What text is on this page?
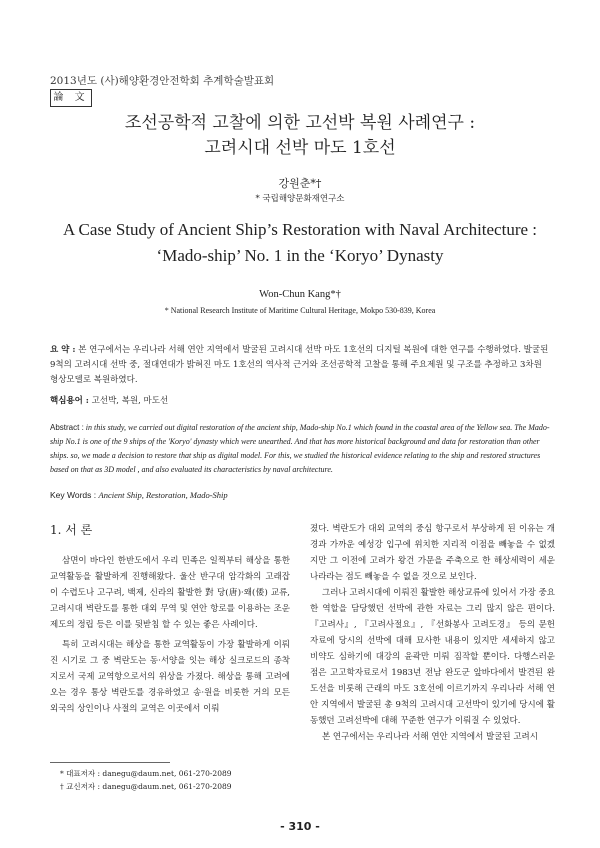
2013년도 (사)해양환경안전학회 추계학술발표회
論 文
조선공학적 고찰에 의한 고선박 복원 사례연구 :
고려시대 선박 마도 1호선
강원춘*†
* 국립해양문화재연구소
A Case Study of Ancient Ship’s Restoration with Naval Architecture :
‘Mado-ship’ No. 1 in the ‘Koryo’ Dynasty
Won-Chun Kang*†
* National Research Institute of Maritime Cultural Heritage, Mokpo 530-839, Korea
요 약 : 본 연구에서는 우리나라 서해 연안 지역에서 발굴된 고려시대 선박 마도 1호선의 디지털 복원에 대한 연구를 수행하였다. 발굴된 9척의 고려시대 선박 중, 절대연대가 밝혀진 마도 1호선의 역사적 근거와 조선공학적 고찰을 통해 주요제원 및 구조를 추정하고 3차원 형상모델로 복원하였다.
핵심용어 : 고선박, 복원, 마도선
Abstract : in this study, we carried out digital restoration of the ancient ship, Mado-ship No.1 which found in the coastal area of the Yellow sea. The Mado-ship No.1 is one of the 9 ships of the 'Koryo' dynasty which were unearthed. And that has more historical background and data for restoration than other ships. so, we made a decision to restore that ship as digital model. For this, we studied the historical evidence relating to the ship and restored structures based on that as 3D model , and also evaluated its characteristics by naval architecture.
Key Words : Ancient Ship, Restoration, Mado-Ship
1. 서 론

삼면이 바다인 한반도에서 우리 민족은 일찍부터 해상을 통한 교역활동을 활발하게 진행해왔다. 울산 반구대 암각화의 고래잡이 수렵도나 고구려, 백제, 신라의 활발한 對 당(唐)·왜(倭) 교류, 고려시대 벽란도를 통한 대외 무역 및 연안 항로를 이용하는 조운 제도의 정립 등은 이를 뒷받침 할 수 있는 좋은 사례이다.

특히 고려시대는 해상을 통한 교역활동이 가장 활발하게 이뤄진 시기로 그 중 벽란도는 동·서양을 잇는 해상 실크로드의 종착지로서 국제 교역항으로서의 위상을 가졌다. 해상을 통해 고려에 오는 경우 통상 벽란도를 경유하였고 송·원을 비롯한 거의 모든 외국의 상인이나 사절의 교역은 이곳에서 이뤄

졌다. 벽란도가 대외 교역의 중심 항구로서 부상하게 된 이유는 개경과 가까운 예성강 입구에 위치한 지리적 이점을 빼놓을 수 없겠지만 그 이전에 고려가 왕건 가문을 주축으로 한 해상세력이 세운 나라라는 점도 빼놓을 수 없을 것으로 보인다.

그러나 고려시대에 이뤄진 활발한 해상교류에 있어서 가장 중요한 역할을 담당했던 선박에 관한 자료는 그리 많지 않은 편이다. 『고려사』, 『고려사절요』, 『선화봉사 고려도경』 등의 문헌 자료에 당시의 선박에 대해 묘사한 내용이 있지만 세세하지 않고 비약도 심하기에 대강의 윤곽만 미뤄 짐작할 뿐이다. 다행스러운 점은 고고학자료로서 1983년 전남 완도군 앞바다에서 발견된 완도선을 비롯해 근래의 마도 3호선에 이르기까지 우리나라 서해 연안 지역에서 발굴된 총 9척의 고려시대 고선박이 있기에 당시에 활동했던 고려선박에 대해 꾸준한 연구가 이뤄질 수 있었다.

본 연구에서는 우리나라 서해 연안 지역에서 발굴된 고려시

* 대표저자 : danegu@daum.net, 061-270-2089
† 교신저자 : danegu@daum.net, 061-270-2089
- 310 -
